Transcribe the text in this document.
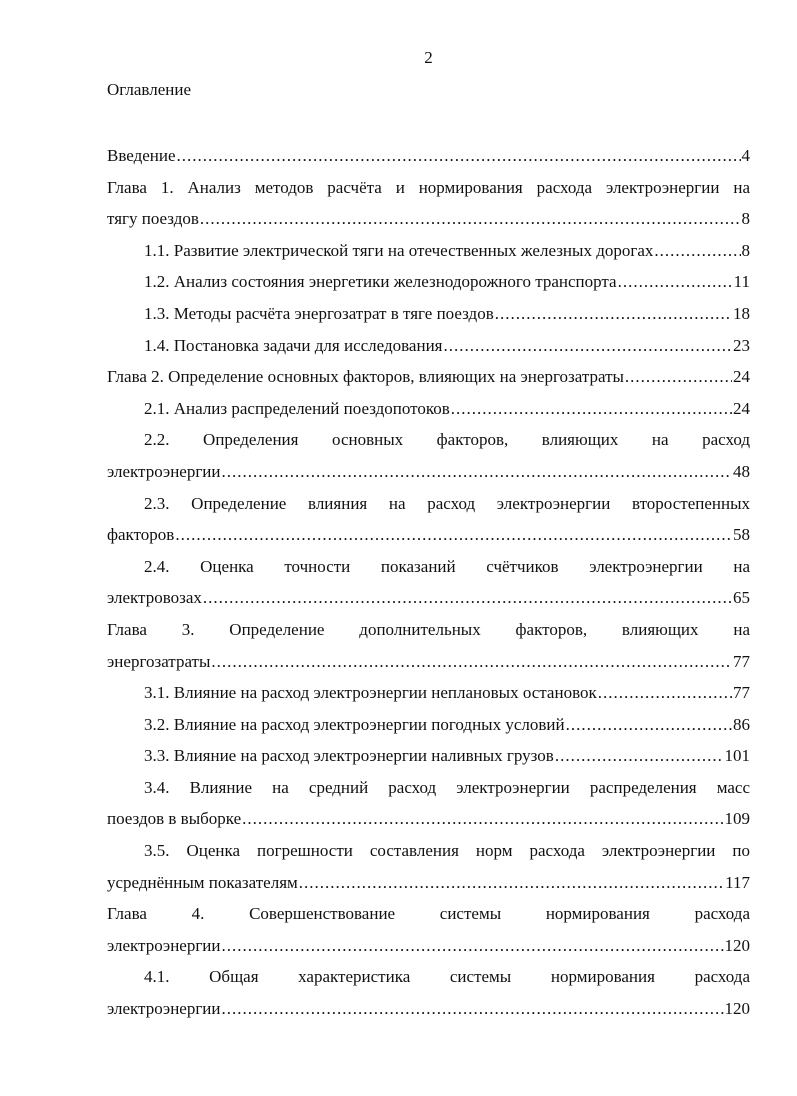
2
Оглавление
Введение .....	4
Глава 1. Анализ методов расчёта и нормирования расхода электроэнергии на
тягу поездов .....	8
1.1. Развитие электрической тяги на отечественных железных дорогах .....	8
1.2. Анализ состояния энергетики железнодорожного транспорта .....	11
1.3. Методы расчёта энергозатрат в тяге поездов .....	18
1.4. Постановка задачи для исследования .....	23
Глава 2. Определение основных факторов, влияющих на энергозатраты .....	24
2.1. Анализ распределений поездопотоков .....	24
2.2. Определения основных факторов, влияющих на расход
электроэнергии .....	48
2.3. Определение влияния на расход электроэнергии второстепенных
факторов .....	58
2.4. Оценка точности показаний счётчиков электроэнергии на
электровозах .....	65
Глава 3. Определение дополнительных факторов, влияющих на
энергозатраты .....	77
3.1. Влияние на расход электроэнергии неплановых остановок .....	77
3.2. Влияние на расход электроэнергии погодных условий .....	86
3.3. Влияние на расход электроэнергии наливных грузов .....	101
3.4. Влияние на средний расход электроэнергии распределения масс
поездов в выборке .....	109
3.5. Оценка погрешности составления норм расхода электроэнергии по
усреднённым показателям .....	117
Глава 4. Совершенствование системы нормирования расхода
электроэнергии .....	120
4.1. Общая характеристика системы нормирования расхода
электроэнергии .....	120
